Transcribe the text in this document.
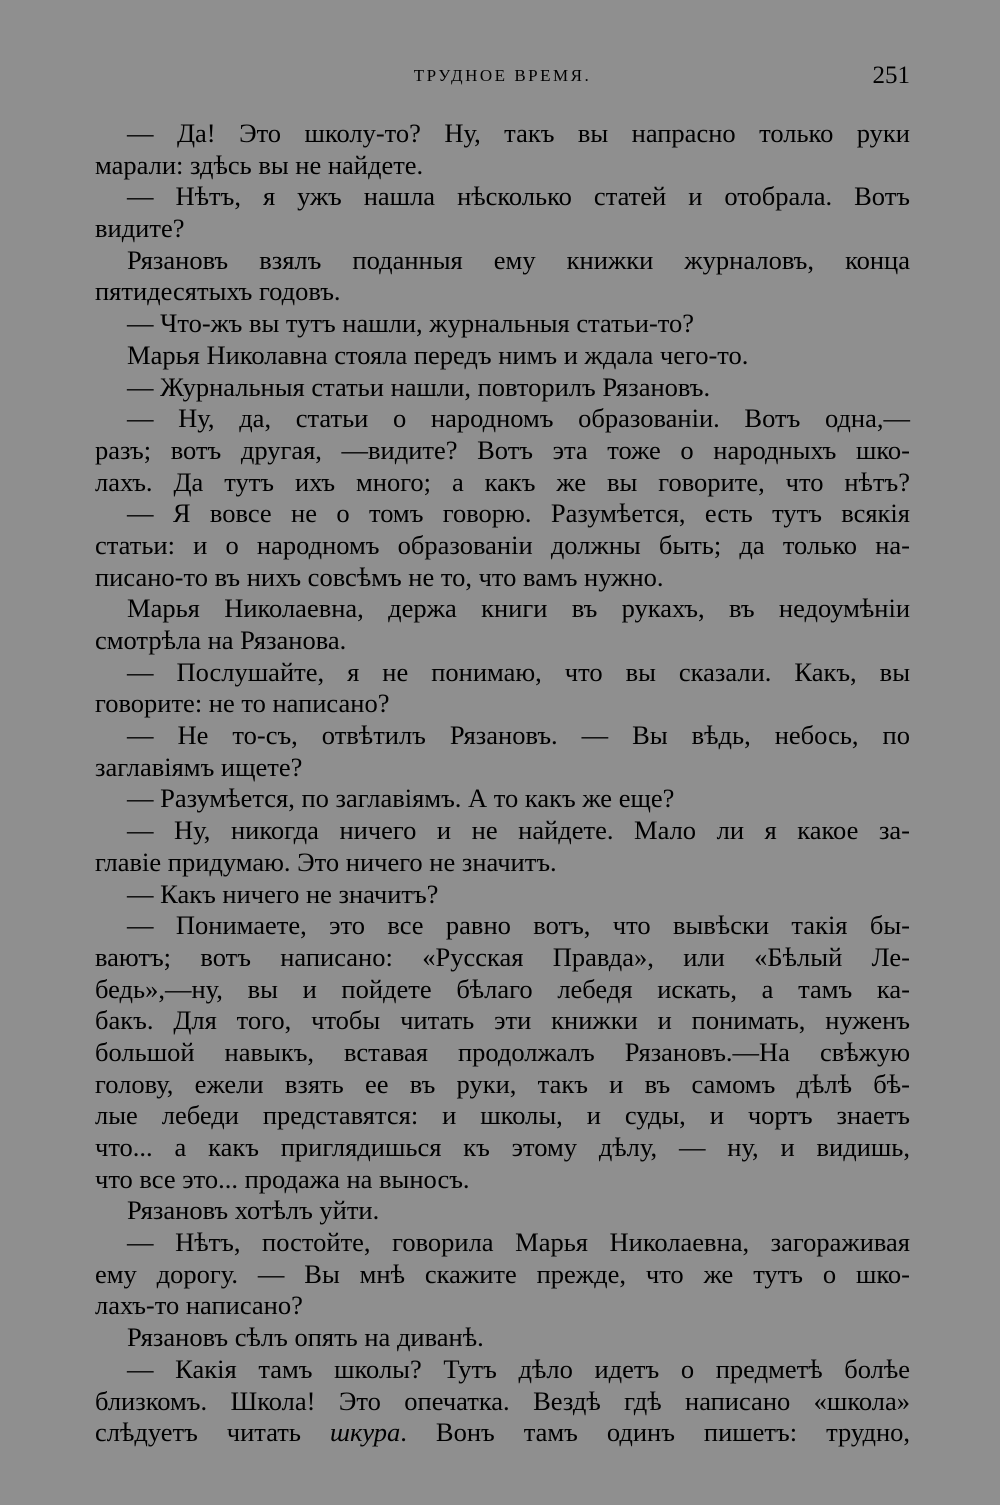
ТРУДНОЕ ВРЕМЯ.	251
— Да! Это школу-то? Ну, такъ вы напрасно только руки
марали: здѣсь вы не найдете.
— Нѣтъ, я ужъ нашла нѣсколько статей и отобрала. Вотъ
видите?
Рязановъ взялъ поданныя ему книжки журналовъ, конца
пятидесятыхъ годовъ.
— Что-жъ вы тутъ нашли, журнальныя статьи-то?
Марья Николавна стояла передъ нимъ и ждала чего-то.
— Журнальныя статьи нашли, повторилъ Рязановъ.
— Ну, да, статьи о народномъ образованіи. Вотъ одна,—
разъ; вотъ другая, —видите? Вотъ эта тоже о народныхъ шко-
лахъ. Да тутъ ихъ много; а какъ же вы говорите, что нѣтъ?
— Я вовсе не о томъ говорю. Разумѣется, есть тутъ всякія
статьи: и о народномъ образованіи должны быть; да только на-
писано-то въ нихъ совсѣмъ не то, что вамъ нужно.
Марья Николаевна, держа книги въ рукахъ, въ недоумѣніи
смотрѣла на Рязанова.
— Послушайте, я не понимаю, что вы сказали. Какъ, вы
говорите: не то написано?
— Не то-съ, отвѣтилъ Рязановъ. — Вы вѣдь, небось, по
заглавіямъ ищете?
— Разумѣется, по заглавіямъ. А то какъ же еще?
— Ну, никогда ничего и не найдете. Мало ли я какое за-
главіе придумаю. Это ничего не значитъ.
— Какъ ничего не значитъ?
— Понимаете, это все равно вотъ, что вывѣски такія бы-
ваютъ; вотъ написано: «Русская Правда», или «Бѣлый Ле-
бедь»,—ну, вы и пойдете бѣлаго лебедя искать, а тамъ ка-
бакъ. Для того, чтобы читать эти книжки и понимать, нуженъ
большой навыкъ, вставая продолжалъ Рязановъ.—На свѣжую
голову, ежели взять ее въ руки, такъ и въ самомъ дѣлѣ бѣ-
лые лебеди представятся: и школы, и суды, и чортъ знаетъ
что... а какъ приглядишься къ этому дѣлу, — ну, и видишь,
что все это... продажа на выносъ.
Рязановъ хотѣлъ уйти.
— Нѣтъ, постойте, говорила Марья Николаевна, загораживая
ему дорогу. — Вы мнѣ скажите прежде, что же тутъ о шко-
лахъ-то написано?
Рязановъ сѣлъ опять на диванѣ.
— Какія тамъ школы? Тутъ дѣло идетъ о предметѣ болѣе
близкомъ. Школа! Это опечатка. Вездѣ гдѣ написано «школа»
слѣдуетъ читать шкура. Вонъ тамъ одинъ пишетъ: трудно,
